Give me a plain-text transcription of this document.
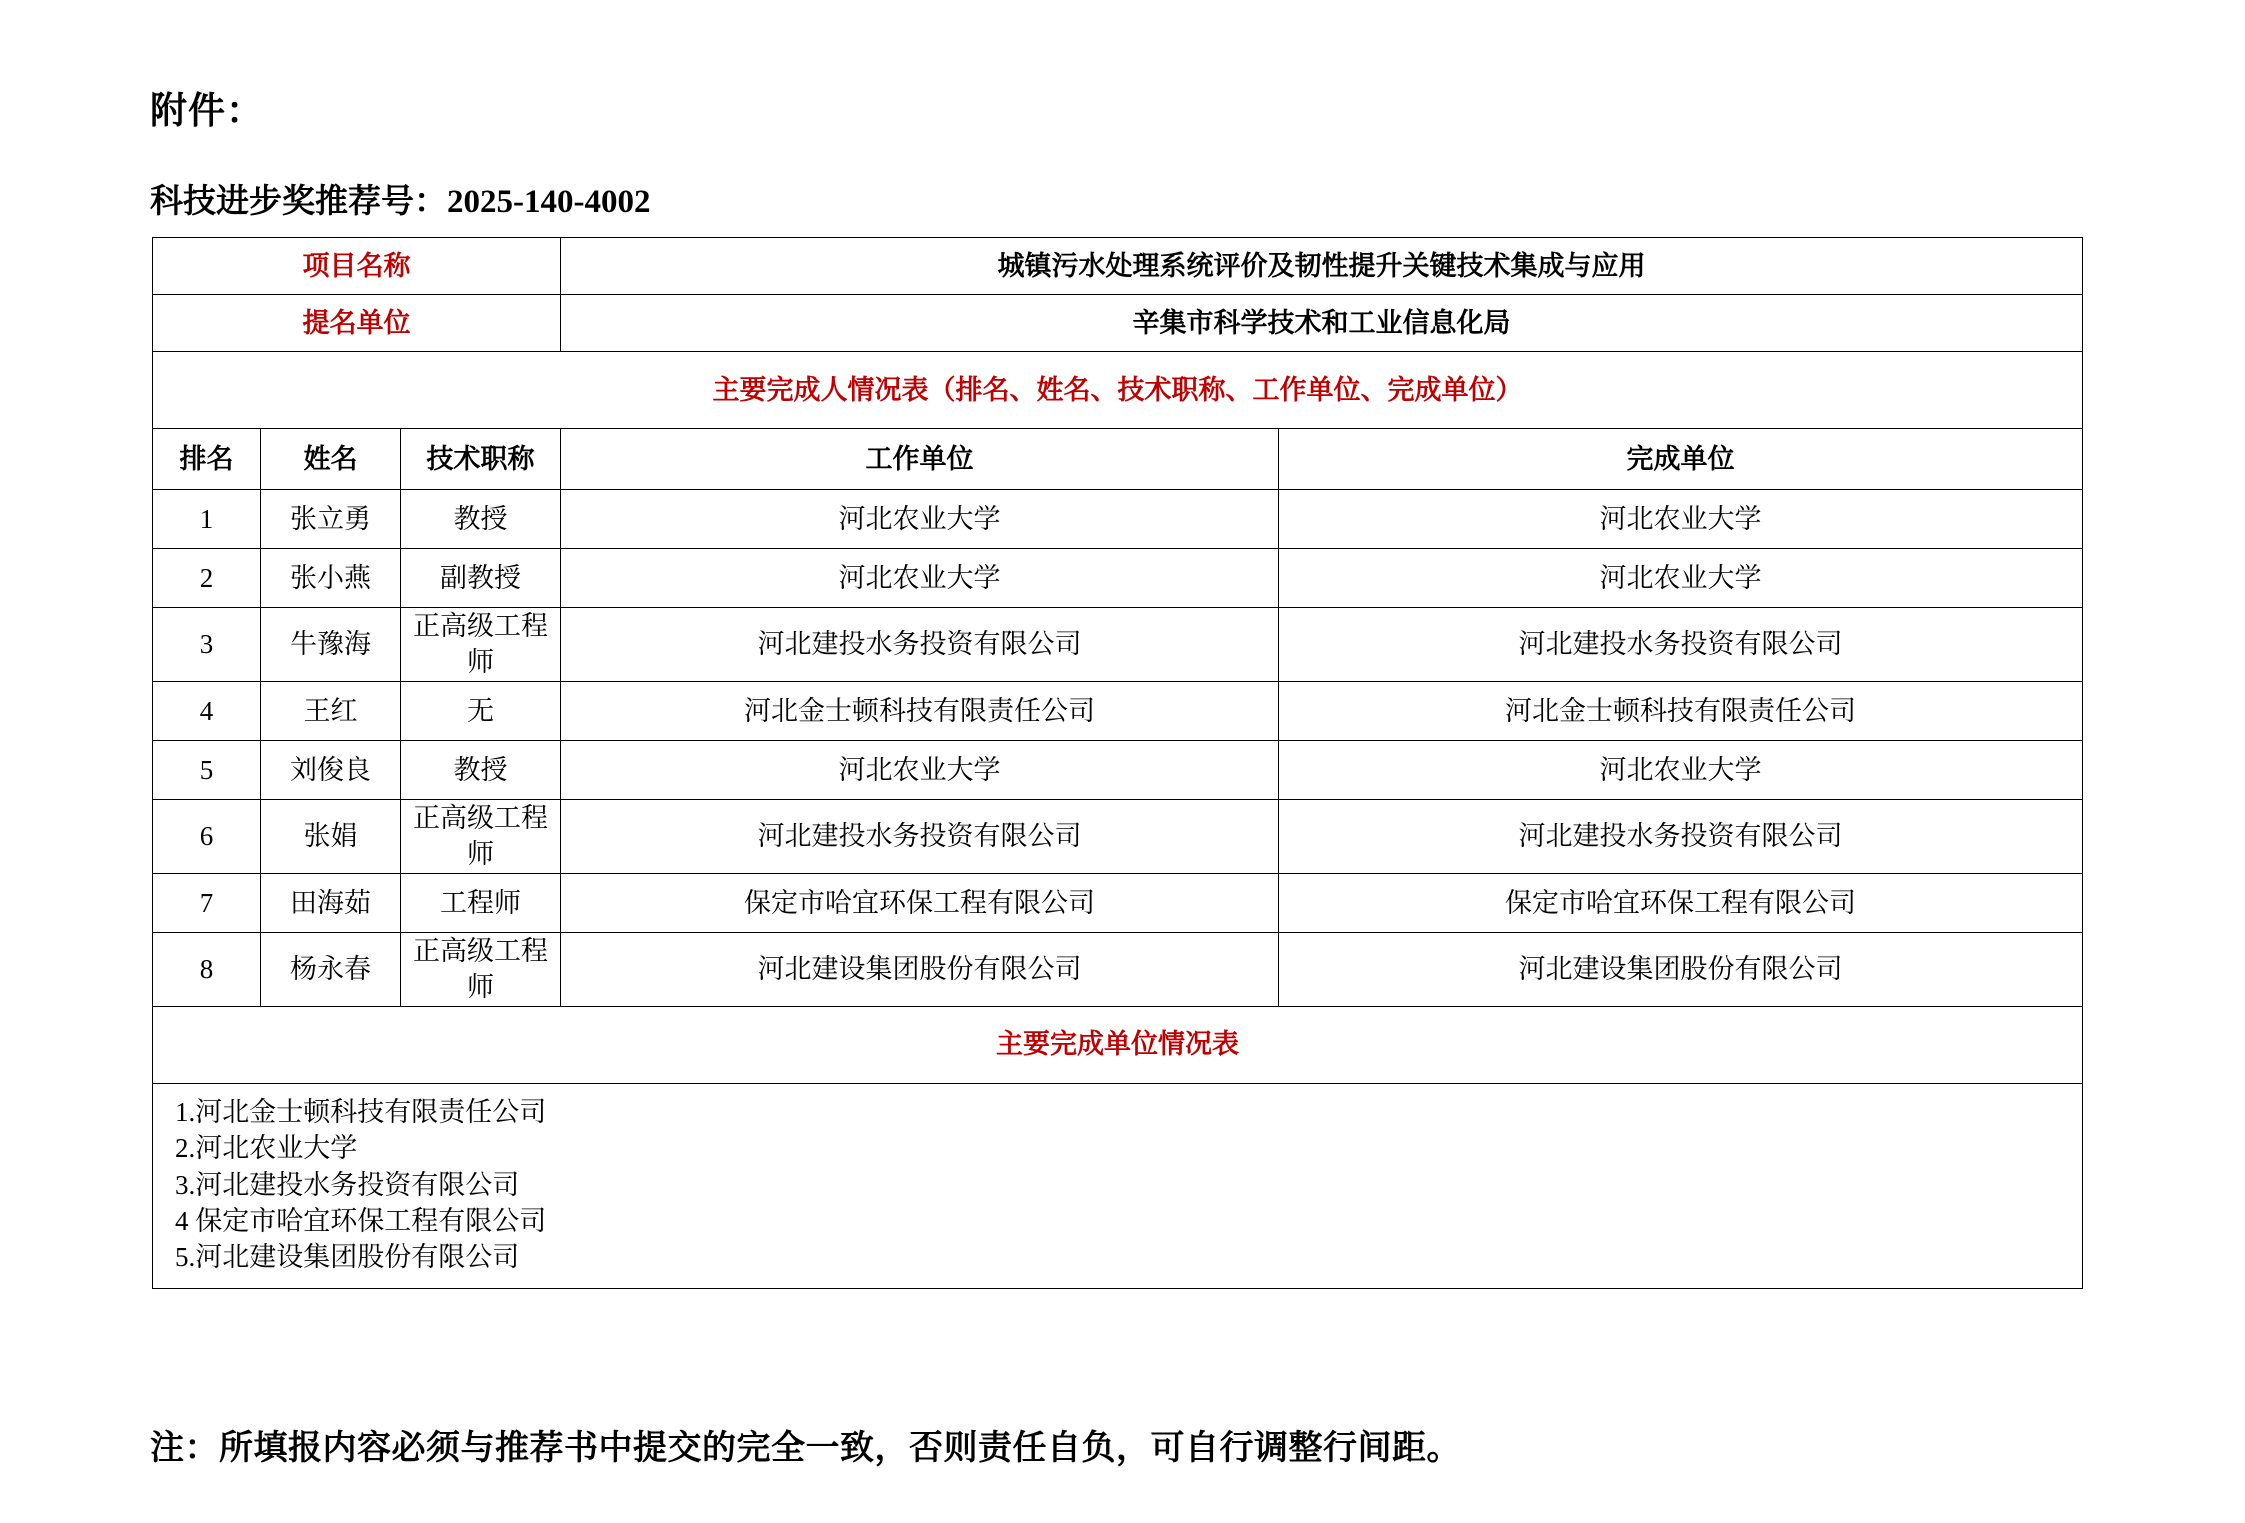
附件：
科技进步奖推荐号：2025-140-4002
项目名称			城镇污水处理系统评价及韧性提升关键技术集成与应用	
提名单位			辛集市科学技术和工业信息化局	
主要完成人情况表（排名、姓名、技术职称、工作单位、完成单位）				
排名	姓名	技术职称	工作单位	完成单位
1	张立勇	教授	河北农业大学	河北农业大学
2	张小燕	副教授	河北农业大学	河北农业大学
3	牛豫海	正高级工程师	河北建投水务投资有限公司	河北建投水务投资有限公司
4	王红	无	河北金士顿科技有限责任公司	河北金士顿科技有限责任公司
5	刘俊良	教授	河北农业大学	河北农业大学
6	张娟	正高级工程师	河北建投水务投资有限公司	河北建投水务投资有限公司
7	田海茹	工程师	保定市哈宜环保工程有限公司	保定市哈宜环保工程有限公司
8	杨永春	正高级工程师	河北建设集团股份有限公司	河北建设集团股份有限公司
主要完成单位情况表				

1.河北金士顿科技有限责任公司
2.河北农业大学
3.河北建投水务投资有限公司
4 保定市哈宜环保工程有限公司
5.河北建设集团股份有限公司				
注：所填报内容必须与推荐书中提交的完全一致，否则责任自负，可自行调整行间距。
